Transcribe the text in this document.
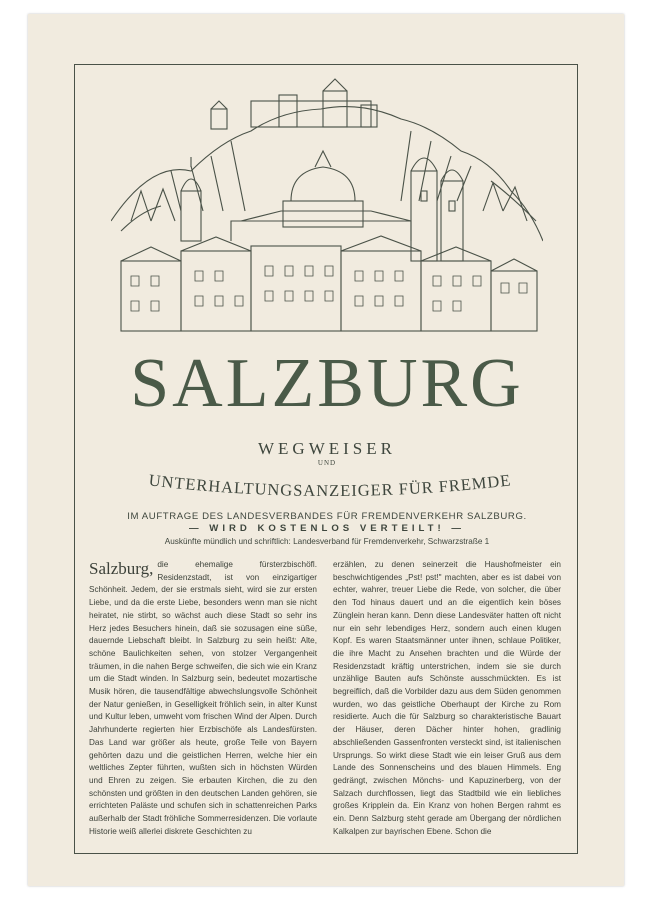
SALZBURG
WEGWEISER
UND
UNTERHALTUNGSANZEIGER FÜR FREMDE
IM AUFTRAGE DES LANDESVERBANDES FÜR FREMDENVERKEHR SALZBURG.
— WIRD KOSTENLOS VERTEILT! —
Auskünfte mündlich und schriftlich: Landesverband für Fremdenverkehr, Schwarzstraße 1

Salzburg, die ehemalige fürsterzbischöfl. Residenzstadt, ist von einzigartiger Schönheit. Jedem, der sie erstmals sieht, wird sie zur ersten Liebe, und da die erste Liebe, besonders wenn man sie nicht heiratet, nie stirbt, so wächst auch diese Stadt so sehr ins Herz jedes Besuchers hinein, daß sie sozusagen eine süße, dauernde Liebschaft bleibt. In Salzburg zu sein heißt: Alte, schöne Baulichkeiten sehen, von stolzer Vergangenheit träumen, in die nahen Berge schweifen, die sich wie ein Kranz um die Stadt winden. In Salzburg sein, bedeutet mozartische Musik hören, die tausendfältige abwechslungsvolle Schönheit der Natur genießen, in Geselligkeit fröhlich sein, in alter Kunst und Kultur leben, umweht vom frischen Wind der Alpen. Durch Jahrhunderte regierten hier Erzbischöfe als Landesfürsten. Das Land war größer als heute, große Teile von Bayern gehörten dazu und die geistlichen Herren, welche hier ein weltliches Zepter führten, wußten sich in höchsten Würden und Ehren zu zeigen. Sie erbauten Kirchen, die zu den schönsten und größten in den deutschen Landen gehören, sie errichteten Paläste und schufen sich in schattenreichen Parks außerhalb der Stadt fröhliche Sommerresidenzen. Die vorlaute Historie weiß allerlei diskrete Geschichten zu

erzählen, zu denen seinerzeit die Haushofmeister ein beschwichtigendes „Pst! pst!" machten, aber es ist dabei von echter, wahrer, treuer Liebe die Rede, von solcher, die über den Tod hinaus dauert und an die eigentlich kein böses Zünglein heran kann. Denn diese Landesväter hatten oft nicht nur ein sehr lebendiges Herz, sondern auch einen klugen Kopf. Es waren Staatsmänner unter ihnen, schlaue Politiker, die ihre Macht zu Ansehen brachten und die Würde der Residenzstadt kräftig unterstrichen, indem sie sie durch unzählige Bauten aufs Schönste ausschmückten. Es ist begreiflich, daß die Vorbilder dazu aus dem Süden genommen wurden, wo das geistliche Oberhaupt der Kirche zu Rom residierte. Auch die für Salzburg so charakteristische Bauart der Häuser, deren Dächer hinter hohen, gradlinig abschließenden Gassenfronten versteckt sind, ist italienischen Ursprungs. So wirkt diese Stadt wie ein leiser Gruß aus dem Lande des Sonnenscheins und des blauen Himmels. Eng gedrängt, zwischen Mönchs- und Kapuzinerberg, von der Salzach durchflossen, liegt das Stadtbild wie ein liebliches großes Kripplein da. Ein Kranz von hohen Bergen rahmt es ein. Denn Salzburg steht gerade am Übergang der nördlichen Kalkalpen zur bayrischen Ebene. Schon die
